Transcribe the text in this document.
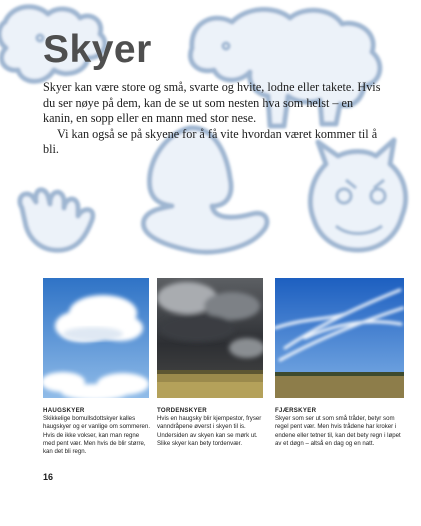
Skyer

Skyer kan være store og små, svarte og hvite, lodne eller takete. Hvis du ser nøye på dem, kan de se ut som nesten hva som helst – en kanin, en sopp eller en mann med stor nese.

Vi kan også se på skyene for å få vite hvordan været kommer til å bli.

HAUGSKYER
Skikkelige bomullsdottskyer kalles haugskyer og er vanlige om sommeren. Hvis de ikke vokser, kan man regne med pent vær. Men hvis de blir større, kan det bli regn.
TORDENSKYER
Hvis en haugsky blir kjempestor, fryser vanndråpene øverst i skyen til is. Undersiden av skyen kan se mørk ut. Slike skyer kan bety tordenvær.
FJÆRSKYER
Skyer som ser ut som små tråder, betyr som regel pent vær. Men hvis trådene har kroker i endene eller tetner til, kan det bety regn i løpet av et døgn – altså en dag og en natt.
16
